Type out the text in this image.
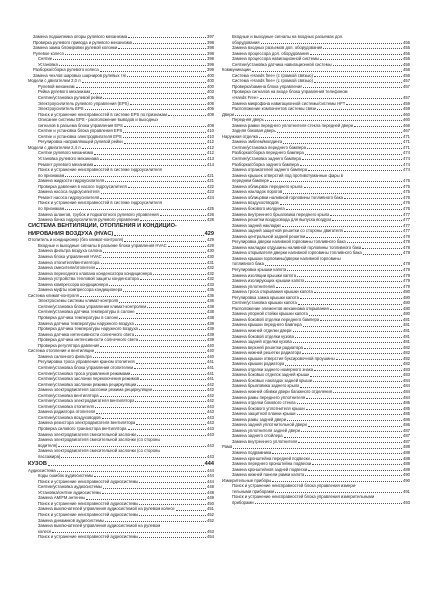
Замена подшипника опоры рулевого механизма	397
Проверка рулевого привода и рулевого механизма	398
Замена замка блокировки рулевой колонки	398
Рулевое колесо	398
Снятие	398
Установка	399
Разборка/сборка рулевого колеса	399
Замена чехлов шаровых шарниров рулевых тяг	400
Модели с двигателем 2,0 л	400
Рулевой механизм	400
Рейка рулевого механизма	403
Снятие/установка рулевой рейки	405
Электроусилитель рулевого управления (EPS)	406
Электроусилитель EPS	406
Поиск и устранение неисправностей в системе EPS по признакам	408
Описание системы EPS - расположение выводов и выходных
сигналов в разъема блока управления EPS	408
Снятие и установка блока управления EPS	410
Снятие и установка электродвигателя EPS	410
Регулировка направляющей рулевой рейки	412
Модели с двигателем 2,4 л	412
Снятие рулевого механизма	412
Установка рулевого механизма	413
Ремонт рулевого механизма	414
Поиск и устранение неисправностей в системе гидроусилителя
по признакам	421
Замена жидкости гидроусилителя	421
Проверка давления в насосе гидроусилителя	422
Замена насоса гидроусилителя	423
Ремонт насоса гидроусилителя	424
Поиск и устранение неисправностей в системе гидроусилителя
по признакам	425
Замена шлангов, трубок и подкапотного рулевого управления	426
Замена бачка гидроусилителя рулевого управления	428
СИСТЕМА ВЕНТИЛЯЦИИ, ОТОПЛЕНИЯ И КОНДИЦИО-
НИРОВАНИЯ ВОЗДУХА (HVAC)	429
Отопитель и кондиционер (без климат-контроля)	429
Входные и выходные сигналы в разъеме блока управления HVAC	429
Замена фильтра воздуха салона	430
Замена блока управления HVAC	430
Замена отопителя/вентилятора	431
Замена смесителя/отопителя	432
Замена переходного клапана конденсатора кондиционера	432
Замена устройства тепловой защиты конденсатора	432
Замена компрессора кондиционера	433
Замена муфты компрессора кондиционера	435
Система климат-контроля	436
Электросхемы системы климат-контроля	436
Снятие/установка блока управления климат-контролем	438
Снятие/установка датчика температуры в салоне	438
Проверка датчика температуры в салоне	438
Замена датчика температуры наружного воздуха	439
Проверка датчика температуры наружного воздуха	439
Замена датчика интенсивности солнечного света	439
Проверка датчика интенсивности солнечного света	439
Проверка регулятора давления	440
Система отопления и вентиляции	440
Замена салонного фильтра	440
Регулировка троса управления краном отопителя	441
Снятие/установка блока управления отопителем	441
Снятие/установка троса управления режимами	441
Снятие/установка заслонки переключения режимов	441
Снятие/установка заслонки режима рециркуляции	442
Замена электродвигателя заслонки режима рециркуляции	442
Снятие/установка вентилятора	442
Снятие/установка электродвигателя вентилятора	442
Снятие/установка отопителя	443
Замена радиатора отопителя	443
Снятие/установка воздуховодов	443
Замена резистора электродвигателя вентилятора	443
Проверка силового транзистора вентилятора	443
Замена электродвигателя смесительной заслонки	443
Замена электродвигателя смесительной заслонки (со стороны
водителя)	443
Замена электродвигателя смесительной заслонки (со стороны
пассажира)	443
КУЗОВ	444
Аудиосистема	444
Коды ошибок аудиосистемы	444
Поиск и устранение неисправностей аудиосистемы	444
Снятие/установка аудиосистемы	448
Установка/снятие аудиосистемы	448
Замена AM/FM антенны	449
Поиск и устранение неисправностей аудиосистемы	450
Замена выключателей управления аудиосистемой на рулевом колесе	451
Поиск и устранение неисправностей аудиосистемы	452
Замена динамиков аудиосистемы	452
Замена выключателей управления аудиосистемой на рулевом
колесе	453
Поиск и устранение неисправностей аудиосистемы	454
Входные и выходные сигналы на входных разъемах дол.
оборудования	455
Замена входных разъемов дол. оборудования	455
Замена процессора дол. оборудования	455
Замена процессора навигационной системы	455
Снятие/установка датчика навигационной системы	456
Коммуникации	456
Система «Hands free» (с громкой связью)	456
Система «Hands free» (с громкой связью)	457
Проверка/замена блока управления	457
Проверка сигналов на входе блока управления телефоном
«Hands Free»	457
Замена микрофона навигационной системы/системы HFT	459
Расположение компонентов системы связи	459
Двери	460
Передняя дверь	460
Замена рамки переднего уплотнителя стекла передней двери	466
Задняя боковая дверь	467
Наружная отделка	471
Замена эмблем/молдинга	471
Снятие/установка переднего бампера	471
Разборка/сборка переднего бампера	474
Снятие/установка заднего бампера	474
Разборка/сборка заднего бампера	474
Замена отражателей заднего бампера	474
Замена крышек отверстий под противотуманные фары в
переднем бампере	475
Замена облицовок переднего крыла	475
Замена накладок порогов	475
Замена облицовки наливной горловины топливного бака	476
Замена воздухоотводов	476
Замена бокового молдинга	476
Замена внутреннего брызговика переднего крыла	477
Замена решетки воздуховода для выпуска воздуха	477
Замена задней накладки	477
Замена задней защитной решетки со стороны двигателя	477
Замена центральной задней решетки	478
Регулировка дверки наливной горловины топливного бака	478
Замена накладки отдушины наливной горловины топливного бака	478
Замена открывателя дверки наливной горловины топливного бака	478
Замена крышки горловины/дверки наливной горловины
топливного бака	478
Регулировка крышки капота	479
Замена изоляции крышки капота	479
Замена изолирующих крышки капота	479
Замена уплотнителей	479
Замена троса открывания крышки капота	480
Регулировка замка крышки капота	480
Снятие/установка крышки капота	480
Расположение элементов механизма открывания	480
Замена упорной стойки крышки капота	480
Замена боковой отделки переднего бампера	481
Замена крышки переднего бампера	481
Замена нижней отделки двери	481
Замена боковой отделки кузова	481
Замена задней отделки кузова	481
Замена верхней решетки радиатора	482
Замена нижней решетки радиатора	482
Замена крышки отверстия буксировочной проушины	482
Замена крышки радиатора	482
Замена отделки заднего номерного знака	483
Замена боковых отделок задней крыши	483
Замена боковых накладок задней крыши	484
Замена брызговика заднего крыла	484
Замена нижней обивки двери багажного отделения	484
Замена рамы переднего уплотнителя	484
Замена отделки бокового стекла	485
Замена бокового уплотнителя крыши	485
Замена защитной планки крыши	485
Замена рамы задней двери	486
Замена задней уплотнительной двери	486
Замена уплотнителя задней двери	487
Замена заднего спойлера	487
Замена внутреннего уплотнителя	487
Рама	488
Замена подрамника	488
Замена кронштейна передней подвески	488
Замена переднего кронштейна подвески	488
Замена кронштейнов задней подвески	489
Замена нижней панели рамки капота	490
Измерительные приборы	490
Поиск и устранение неисправностей блока управления измери-
тельными приборами	491
Поиск и устранение неисправностей блока управления измерительными
приборами	493
